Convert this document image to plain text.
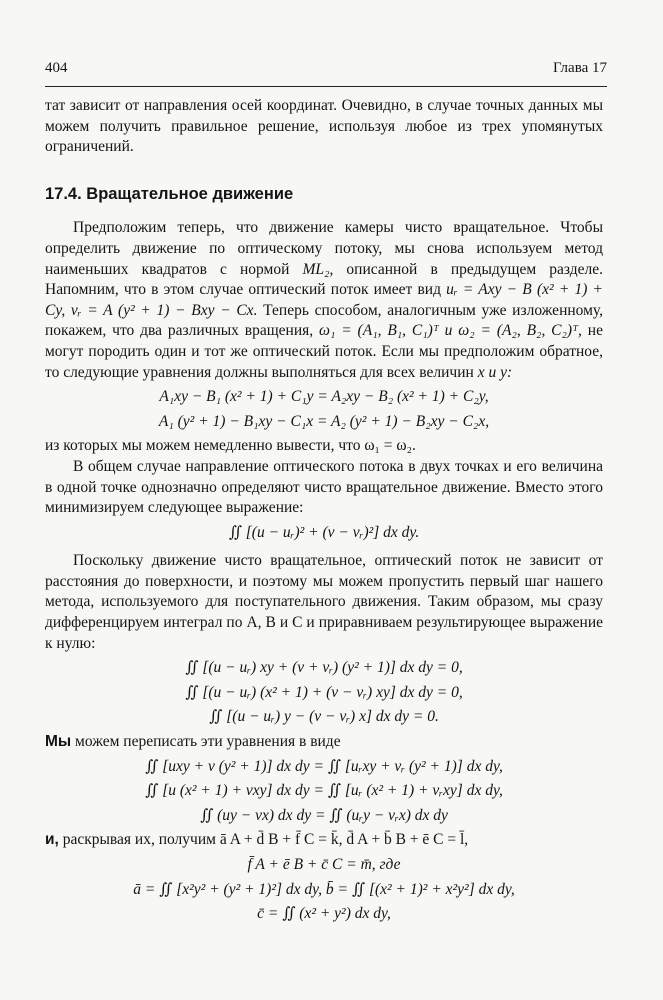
404	Глава 17

тат зависит от направления осей координат. Очевидно, в случае точных данных мы можем получить правильное решение, используя любое из трех упомянутых ограничений.

17.4. Вращательное движение

Предположим теперь, что движение камеры чисто вращательное. Чтобы определить движение по оптическому потоку, мы снова используем метод наименьших квадратов с нормой ML₂, описанной в предыдущем разделе. Напомним, что в этом случае оптический поток имеет вид uᵣ = Axy − B (x² + 1) + Cy, vᵣ = A (y² + 1) − Bxy − Cx. Теперь способом, аналогичным уже изложенному, покажем, что два различных вращения, ω₁ = (A₁, B₁, C₁)ᵀ и ω₂ = (A₂, B₂, C₂)ᵀ, не могут породить один и тот же оптический поток. Если мы предположим обратное, то следующие уравнения должны выполняться для всех величин x и y:

A₁xy − B₁ (x² + 1) + C₁y = A₂xy − B₂ (x² + 1) + C₂y,
A₁ (y² + 1) − B₁xy − C₁x = A₂ (y² + 1) − B₂xy − C₂x,

из которых мы можем немедленно вывести, что ω₁ = ω₂.

В общем случае направление оптического потока в двух точках и его величина в одной точке однозначно определяют чисто вращательное движение. Вместо этого минимизируем следующее выражение:

∬ [(u − uᵣ)² + (v − vᵣ)²] dx dy.

Поскольку движение чисто вращательное, оптический поток не зависит от расстояния до поверхности, и поэтому мы можем пропустить первый шаг нашего метода, используемого для поступательного движения. Таким образом, мы сразу дифференцируем интеграл по A, B и C и приравниваем результирующее выражение к нулю:

∬ [(u − uᵣ) xy + (v + vᵣ) (y² + 1)] dx dy = 0,
∬ [(u − uᵣ) (x² + 1) + (v − vᵣ) xy] dx dy = 0,
∬ [(u − uᵣ) y − (v − vᵣ) x] dx dy = 0.

Мы можем переписать эти уравнения в виде

∬ [uxy + v (y² + 1)] dx dy = ∬ [uᵣxy + vᵣ (y² + 1)] dx dy,
∬ [u (x² + 1) + vxy] dx dy = ∬ [uᵣ (x² + 1) + vᵣxy] dx dy,
∬ (uy − vx) dx dy = ∬ (uᵣy − vᵣx) dx dy

и, раскрывая их, получим ā A + d̄ B + f̄ C = k̄, d̄ A + b̄ B + ē C = l̄,

f̄ A + ē B + c̄ C = m̄, где
ā = ∬ [x²y² + (y² + 1)²] dx dy, b̄ = ∬ [(x² + 1)² + x²y²] dx dy,
c̄ = ∬ (x² + y²) dx dy,
